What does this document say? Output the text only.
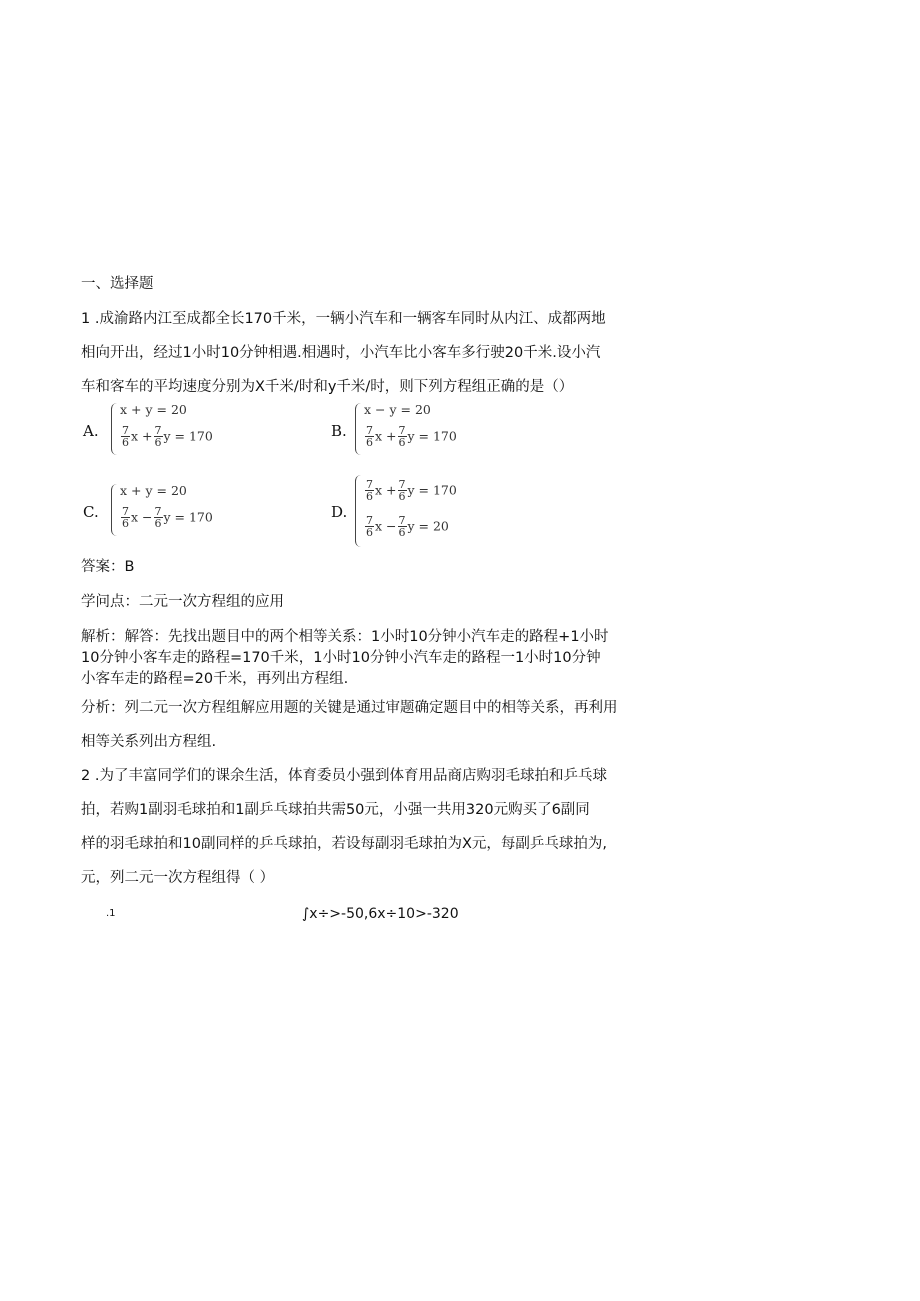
一、选择题
1 .成渝路内江至成都全长170千米，一辆小汽车和一辆客车同时从内江、成都两地
相向开出，经过1小时10分钟相遇.相遇时，小汽车比小客车多行驶20千米.设小汽
车和客车的平均速度分别为X千米/时和y千米/时，则下列方程组正确的是（）
A.
x + y = 20
$\frac{7}{6}$ $x + \frac{7}{6}$ y = 170	B.
x − y = 20
$\frac{7}{6}$ $x + \frac{7}{6}$ y = 170
C.
x + y = 20
$\frac{7}{6}$ $x - \frac{7}{6}$ y = 170	D.
$\frac{7}{6}$ $x + \frac{7}{6}$ y = 170
$\frac{7}{6}$ $x - \frac{7}{6}$ y = 20
答案：B
学问点：二元一次方程组的应用
解析：解答：先找出题目中的两个相等关系：1小时10分钟小汽车走的路程+1小时
10分钟小客车走的路程=170千米，1小时10分钟小汽车走的路程一1小时10分钟
小客车走的路程=20千米，再列出方程组.
分析：列二元一次方程组解应用题的关键是通过审题确定题目中的相等关系，再利用
相等关系列出方程组.
2 .为了丰富同学们的课余生活，体育委员小强到体育用品商店购羽毛球拍和乒乓球
拍，若购1副羽毛球拍和1副乒乓球拍共需50元，小强一共用320元购买了6副同
样的羽毛球拍和10副同样的乒乓球拍，若设每副羽毛球拍为X元，每副乒乓球拍为,
元，列二元一次方程组得（ ）
.1	∫x÷>-50,6x÷10>-320
